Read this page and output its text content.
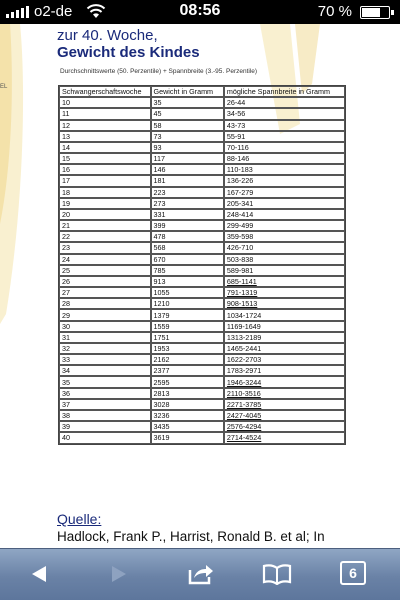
o2-de	08:56	70 %
EL
zur 40. Woche,
Gewicht des Kindes
Durchschnittswerte (50. Perzentile) + Spannbreite (3.-95. Perzentile)
Schwangerschaftswoche	Gewicht in Gramm	mögliche Spannbreite in Gramm
10	35	26-44
11	45	34-56
12	58	43-73
13	73	55-91
14	93	70-116
15	117	88-146
16	146	110-183
17	181	136-226
18	223	167-279
19	273	205-341
20	331	248-414
21	399	299-499
22	478	359-598
23	568	426-710
24	670	503-838
25	785	589-981
26	913	685-1141
27	1055	791-1319
28	1210	908-1513
29	1379	1034-1724
30	1559	1169-1649
31	1751	1313-2189
32	1953	1465-2441
33	2162	1622-2703
34	2377	1783-2971
35	2595	1946-3244
36	2813	2110-3516
37	3028	2271-3785
38	3236	2427-4045
39	3435	2576-4294
40	3619	2714-4524
Quelle:
Hadlock, Frank P., Harrist, Ronald B. et al; In
6
